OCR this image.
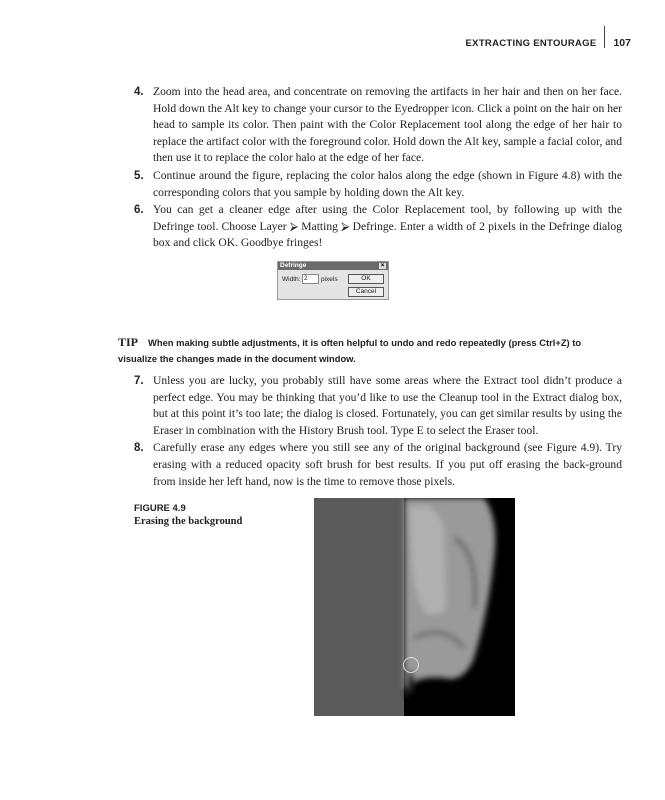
EXTRACTING ENTOURAGE	107
4. Zoom into the head area, and concentrate on removing the artifacts in her hair and then on her face. Hold down the Alt key to change your cursor to the Eyedropper icon. Click a point on the hair on her head to sample its color. Then paint with the Color Replacement tool along the edge of her hair to replace the artifact color with the foreground color. Hold down the Alt key, sample a facial color, and then use it to replace the color halo at the edge of her face.
5. Continue around the figure, replacing the color halos along the edge (shown in Figure 4.8) with the corresponding colors that you sample by holding down the Alt key.
6. You can get a cleaner edge after using the Color Replacement tool, by following up with the Defringe tool. Choose Layer ⮚ Matting ⮚ Defringe. Enter a width of 2 pixels in the Defringe dialog box and click OK. Goodbye fringes!
Defringe	×
Width: 2	pixels	OK
Cancel
TIP When making subtle adjustments, it is often helpful to undo and redo repeatedly (press Ctrl+Z) to visualize the changes made in the document window.
7. Unless you are lucky, you probably still have some areas where the Extract tool didn’t produce a perfect edge. You may be thinking that you’d like to use the Cleanup tool in the Extract dialog box, but at this point it’s too late; the dialog is closed. Fortunately, you can get similar results by using the Eraser in combination with the History Brush tool. Type E to select the Eraser tool.
8. Carefully erase any edges where you still see any of the original background (see Figure 4.9). Try erasing with a reduced opacity soft brush for best results. If you put off erasing the back-ground from inside her left hand, now is the time to remove those pixels.
FIGURE 4.9
Erasing the background
